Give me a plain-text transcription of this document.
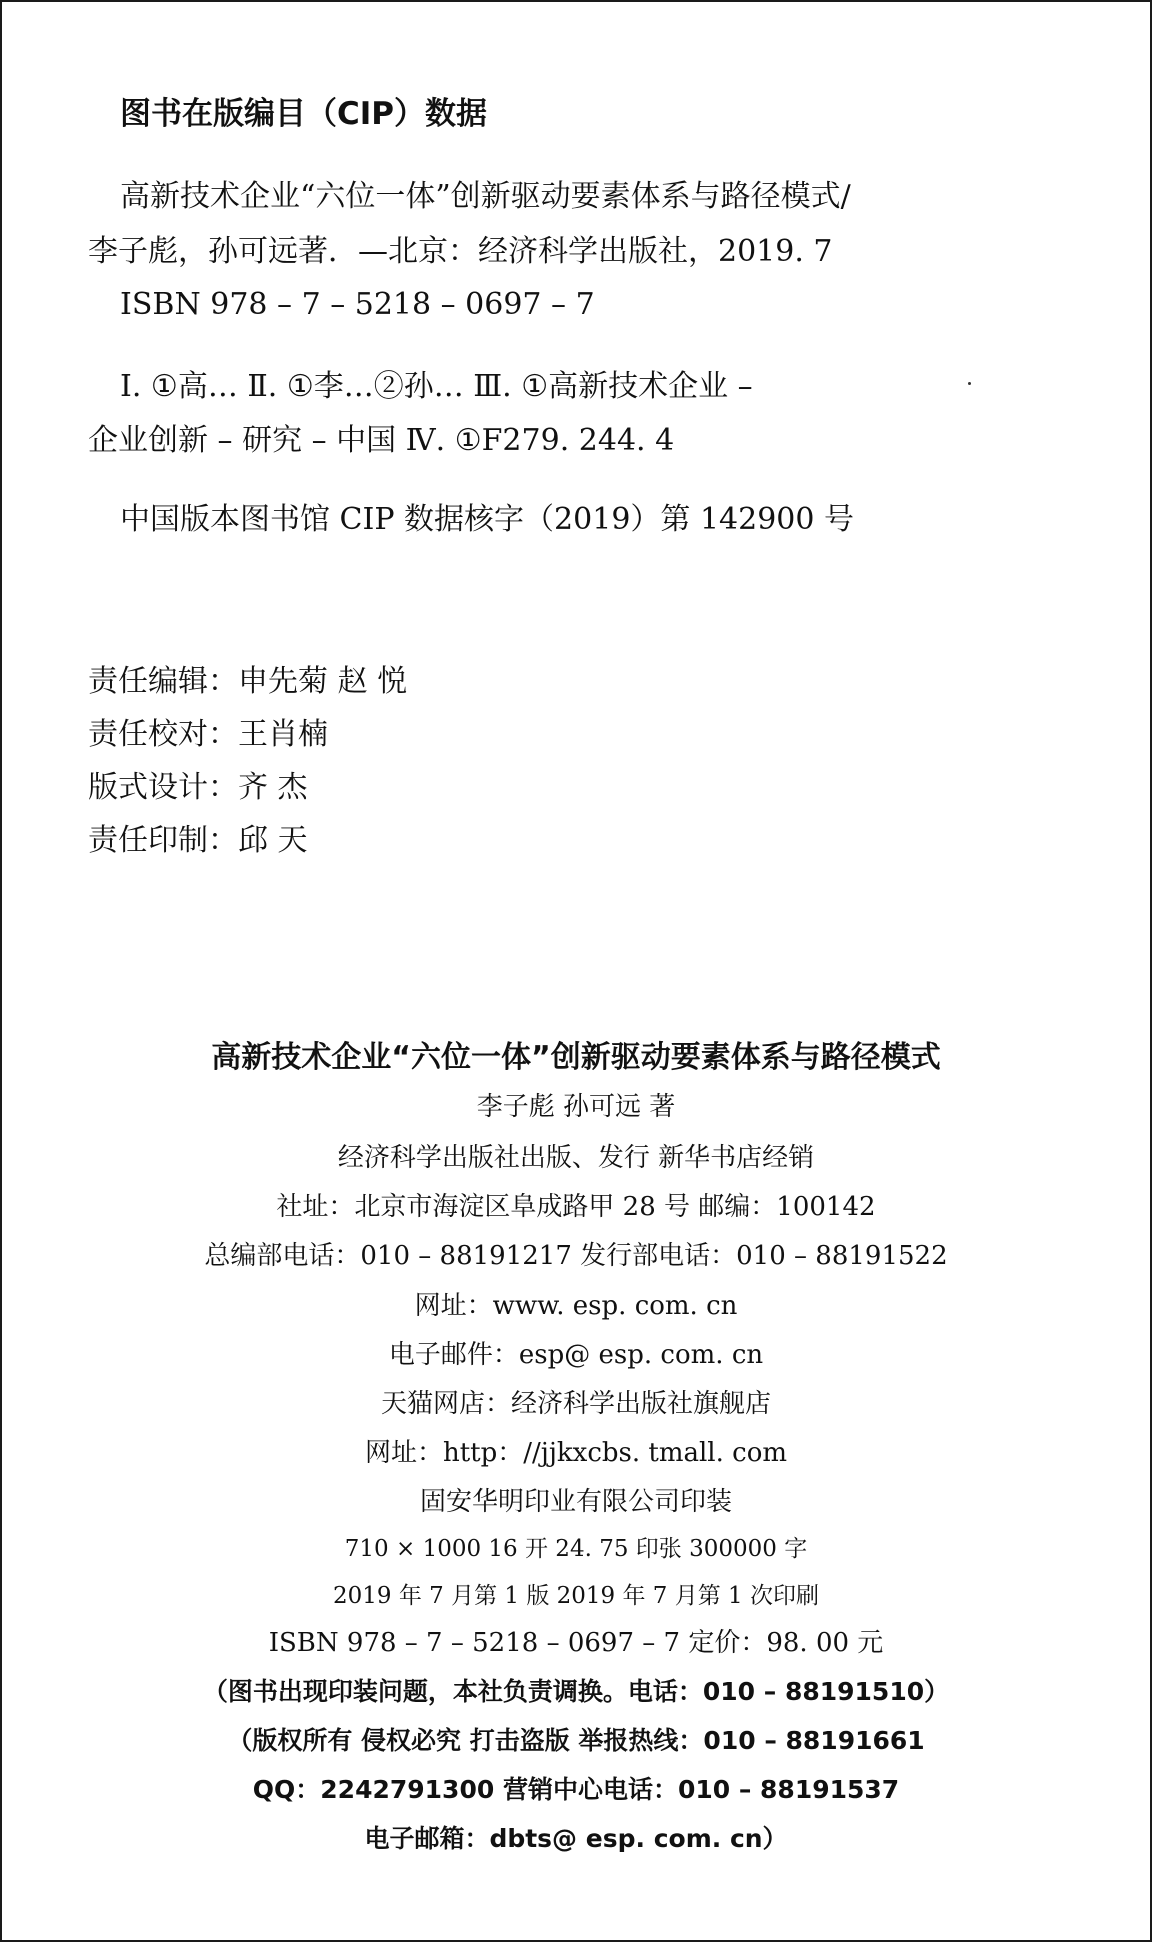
图书在版编目（CIP）数据
高新技术企业“六位一体”创新驱动要素体系与路径模式/
李子彪，孙可远著．—北京：经济科学出版社，2019. 7
ISBN 978 – 7 – 5218 – 0697 – 7
Ⅰ. ①高… Ⅱ. ①李…②孙… Ⅲ. ①高新技术企业 –
企业创新 – 研究 – 中国 Ⅳ. ①F279. 244. 4
中国版本图书馆 CIP 数据核字（2019）第 142900 号
责任编辑：申先菊 赵 悦
责任校对：王肖楠
版式设计：齐 杰
责任印制：邱 天
高新技术企业“六位一体”创新驱动要素体系与路径模式
李子彪 孙可远 著
经济科学出版社出版、发行 新华书店经销
社址：北京市海淀区阜成路甲 28 号 邮编：100142
总编部电话：010 – 88191217 发行部电话：010 – 88191522
网址：www. esp. com. cn
电子邮件：esp@ esp. com. cn
天猫网店：经济科学出版社旗舰店
网址：http：//jjkxcbs. tmall. com
固安华明印业有限公司印装
710 × 1000 16 开 24. 75 印张 300000 字
2019 年 7 月第 1 版 2019 年 7 月第 1 次印刷
ISBN 978 – 7 – 5218 – 0697 – 7 定价：98. 00 元
（图书出现印装问题，本社负责调换。电话：010 – 88191510）
（版权所有 侵权必究 打击盗版 举报热线：010 – 88191661
QQ：2242791300 营销中心电话：010 – 88191537
电子邮箱：dbts@ esp. com. cn）
